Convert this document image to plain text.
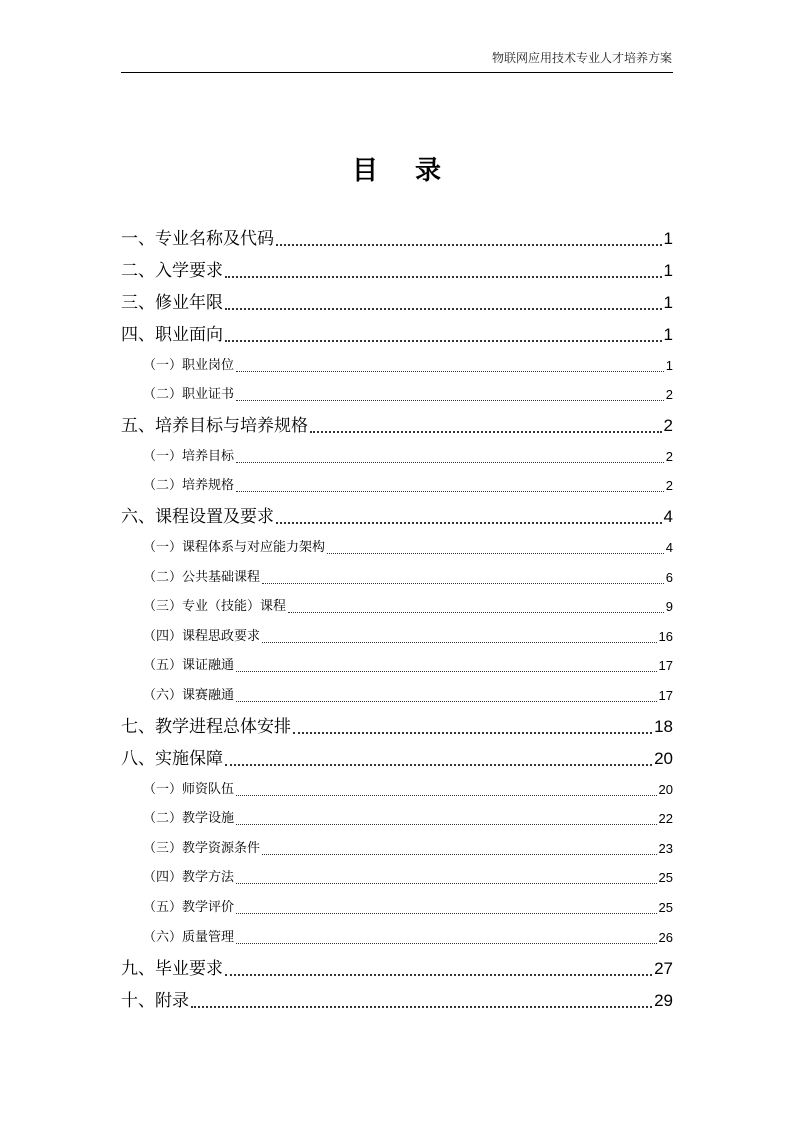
物联网应用技术专业人才培养方案
目 录
一、专业名称及代码	1
二、入学要求	1
三、修业年限	1
四、职业面向	1
（一）职业岗位	1
（二）职业证书	2
五、培养目标与培养规格	2
（一）培养目标	2
（二）培养规格	2
六、课程设置及要求	4
（一）课程体系与对应能力架构	4
（二）公共基础课程	6
（三）专业（技能）课程	9
（四）课程思政要求	16
（五）课证融通	17
（六）课赛融通	17
七、教学进程总体安排	18
八、实施保障	20
（一）师资队伍	20
（二）教学设施	22
（三）教学资源条件	23
（四）教学方法	25
（五）教学评价	25
（六）质量管理	26
九、毕业要求	27
十、附录	29
